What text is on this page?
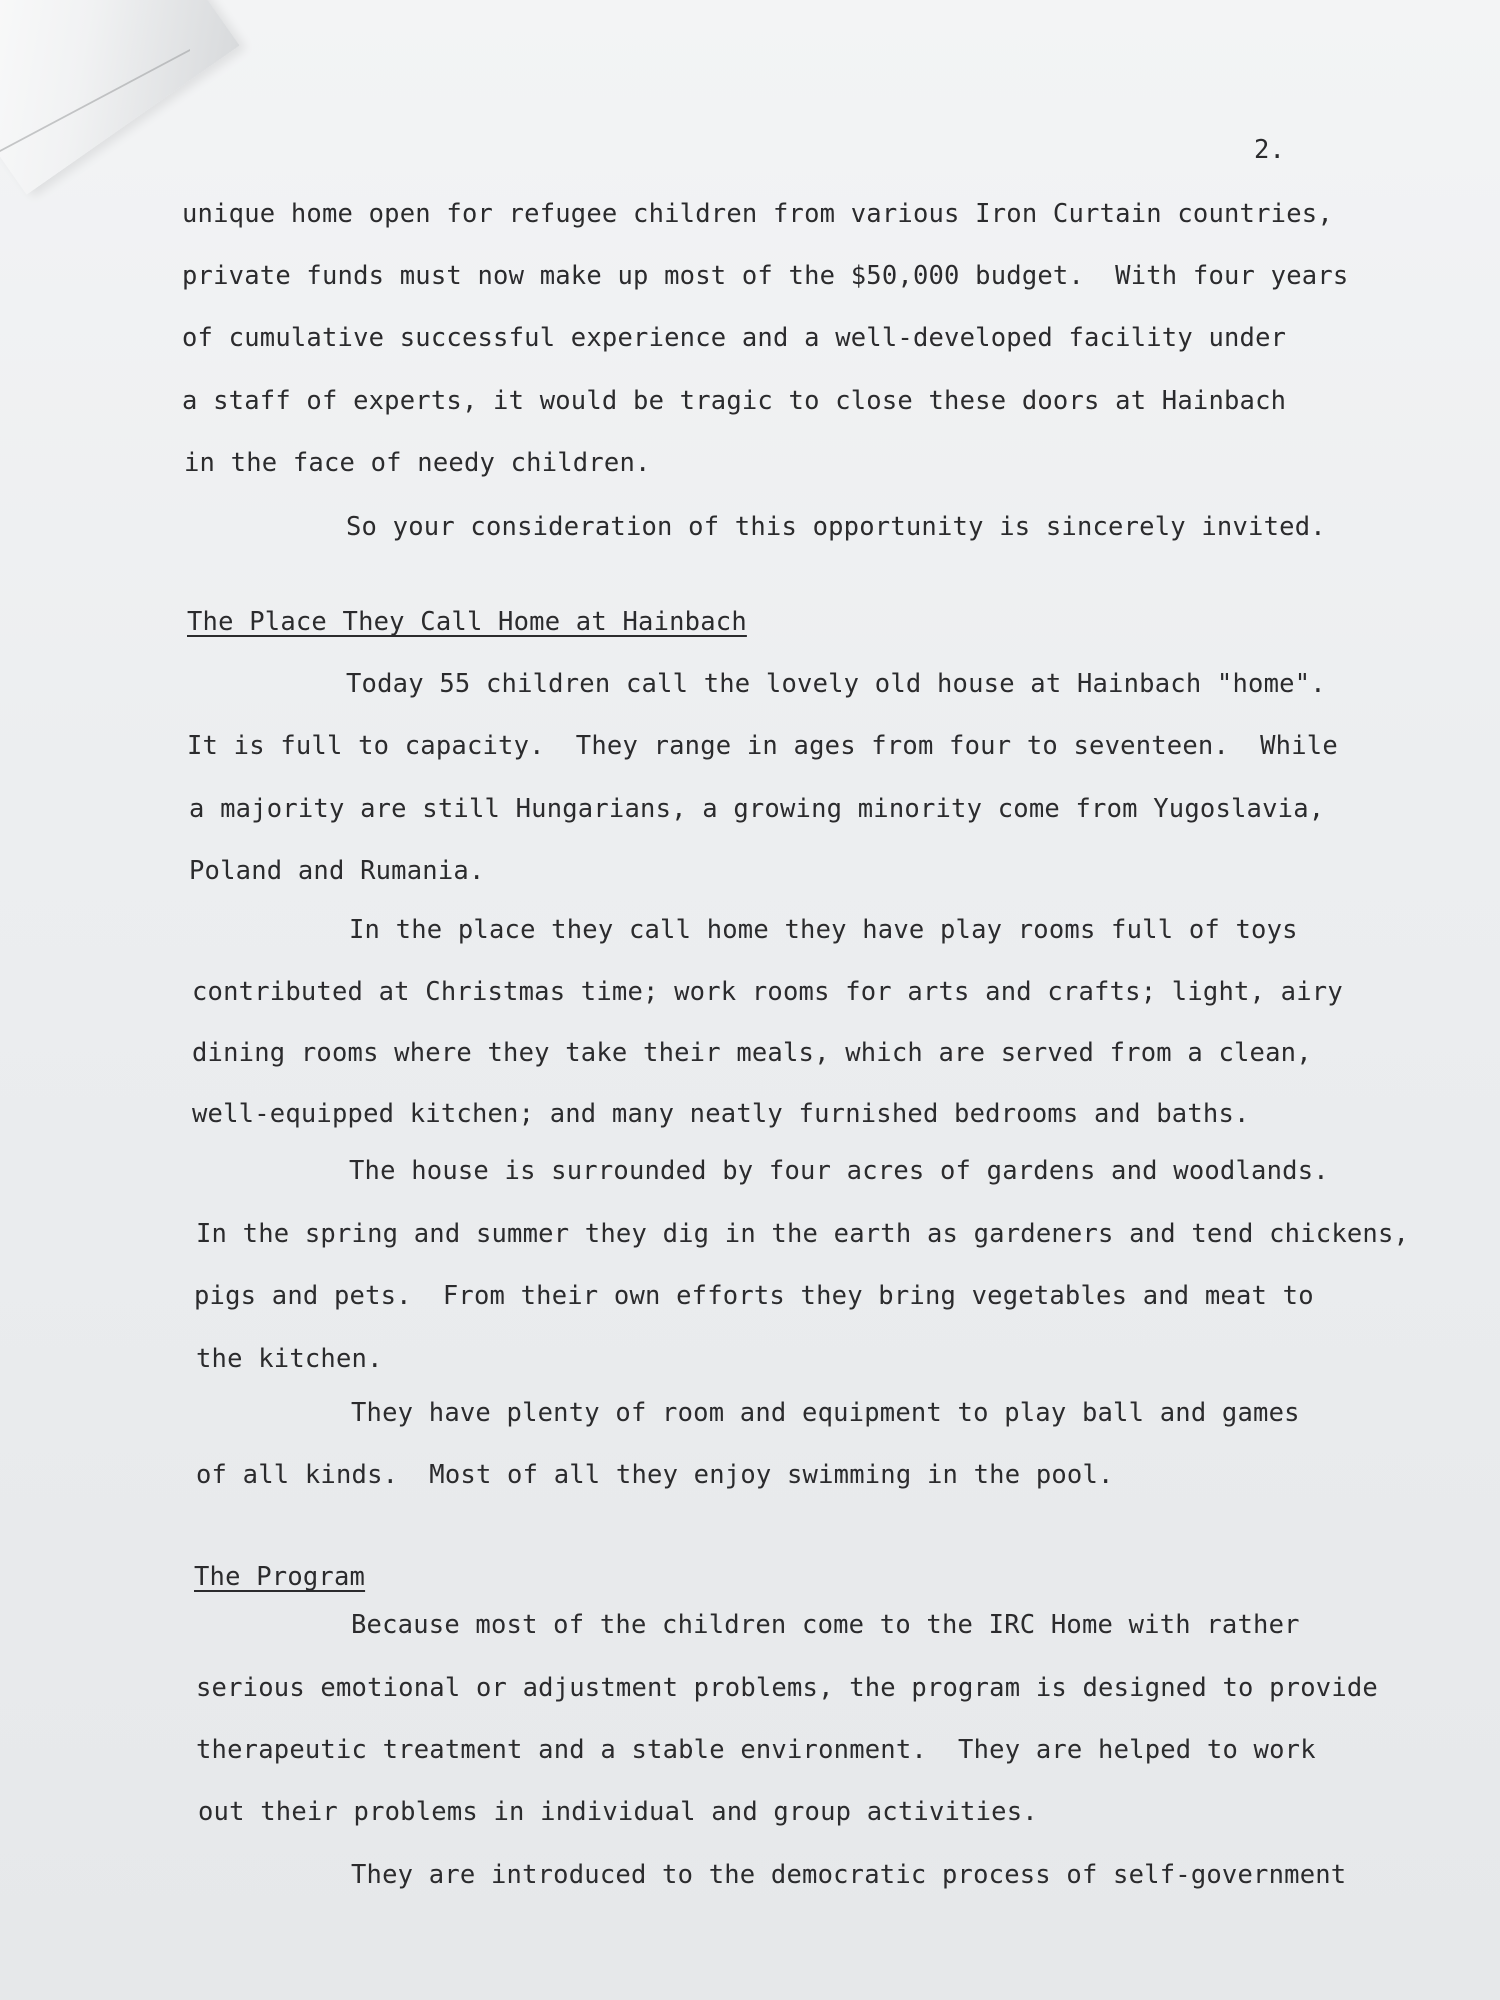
2.
unique home open for refugee children from various Iron Curtain countries,
private funds must now make up most of the $50,000 budget.  With four years
of cumulative successful experience and a well-developed facility under
a staff of experts, it would be tragic to close these doors at Hainbach
in the face of needy children.
So your consideration of this opportunity is sincerely invited.
The Place They Call Home at Hainbach
Today 55 children call the lovely old house at Hainbach "home".
It is full to capacity.  They range in ages from four to seventeen.  While
a majority are still Hungarians, a growing minority come from Yugoslavia,
Poland and Rumania.
In the place they call home they have play rooms full of toys
contributed at Christmas time; work rooms for arts and crafts; light, airy
dining rooms where they take their meals, which are served from a clean,
well-equipped kitchen; and many neatly furnished bedrooms and baths.
The house is surrounded by four acres of gardens and woodlands.
In the spring and summer they dig in the earth as gardeners and tend chickens,
pigs and pets.  From their own efforts they bring vegetables and meat to
the kitchen.
They have plenty of room and equipment to play ball and games
of all kinds.  Most of all they enjoy swimming in the pool.
The Program
Because most of the children come to the IRC Home with rather
serious emotional or adjustment problems, the program is designed to provide
therapeutic treatment and a stable environment.  They are helped to work
out their problems in individual and group activities.
They are introduced to the democratic process of self-government
